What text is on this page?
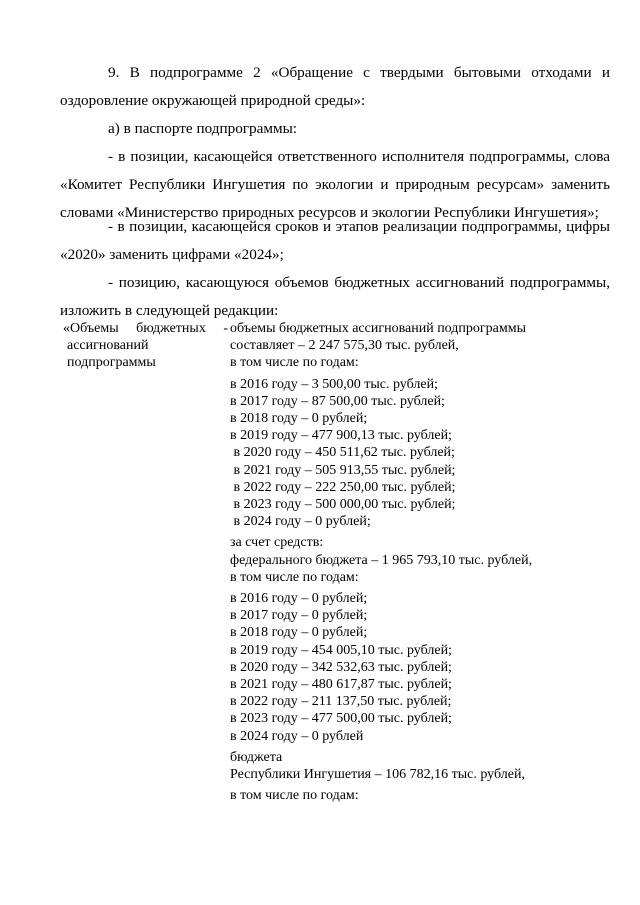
9. В подпрограмме 2 «Обращение с твердыми бытовыми отходами и
оздоровление окружающей природной среды»:
а) в паспорте подпрограммы:
- в позиции, касающейся ответственного исполнителя подпрограммы, слова
«Комитет Республики Ингушетия по экологии и природным ресурсам» заменить
словами «Министерство природных ресурсов и экологии Республики Ингушетия»;
- в позиции, касающейся сроков и этапов реализации подпрограммы, цифры
«2020» заменить цифрами «2024»;
- позицию, касающуюся объемов бюджетных ассигнований подпрограммы,
изложить в следующей редакции:
«Объемы бюджетных -
ассигнований
подпрограммы
объемы бюджетных ассигнований подпрограммы
составляет – 2 247 575,30 тыс. рублей,
в том числе по годам:
в 2016 году – 3 500,00 тыс. рублей;
в 2017 году – 87 500,00 тыс. рублей;
в 2018 году – 0 рублей;
в 2019 году – 477 900,13 тыс. рублей;
в 2020 году – 450 511,62 тыс. рублей;
в 2021 году – 505 913,55 тыс. рублей;
в 2022 году – 222 250,00 тыс. рублей;
в 2023 году – 500 000,00 тыс. рублей;
в 2024 году – 0 рублей;
за счет средств:
федерального бюджета – 1 965 793,10 тыс. рублей,
в том числе по годам:
в 2016 году – 0 рублей;
в 2017 году – 0 рублей;
в 2018 году – 0 рублей;
в 2019 году – 454 005,10 тыс. рублей;
в 2020 году – 342 532,63 тыс. рублей;
в 2021 году – 480 617,87 тыс. рублей;
в 2022 году – 211 137,50 тыс. рублей;
в 2023 году – 477 500,00 тыс. рублей;
в 2024 году – 0 рублей
бюджета
Республики Ингушетия – 106 782,16 тыс. рублей,
в том числе по годам:
